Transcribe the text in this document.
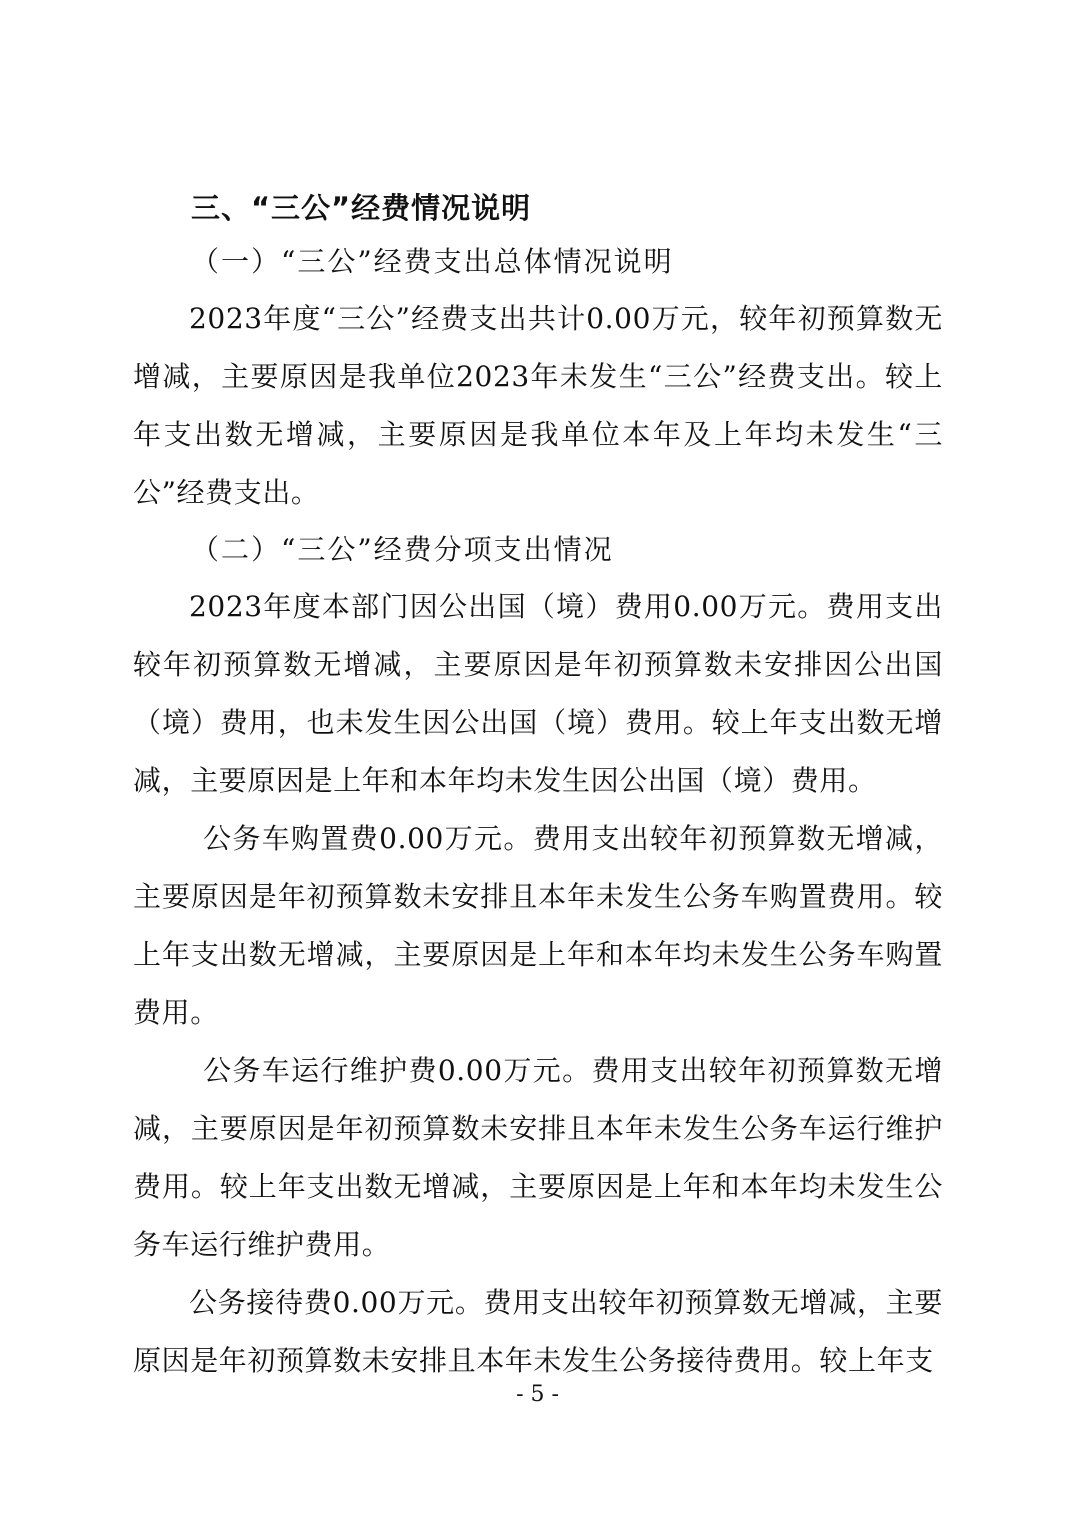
三、“三公”经费情况说明
（一）“三公”经费支出总体情况说明
2023年度“三公”经费支出共计0.00万元，较年初预算数无增减，主要原因是我单位2023年未发生“三公”经费支出。较上年支出数无增减，主要原因是我单位本年及上年均未发生“三公”经费支出。
（二）“三公”经费分项支出情况
2023年度本部门因公出国（境）费用0.00万元。费用支出较年初预算数无增减，主要原因是年初预算数未安排因公出国（境）费用，也未发生因公出国（境）费用。较上年支出数无增减，主要原因是上年和本年均未发生因公出国（境）费用。
公务车购置费0.00万元。费用支出较年初预算数无增减，主要原因是年初预算数未安排且本年未发生公务车购置费用。较上年支出数无增减，主要原因是上年和本年均未发生公务车购置费用。
公务车运行维护费0.00万元。费用支出较年初预算数无增减，主要原因是年初预算数未安排且本年未发生公务车运行维护费用。较上年支出数无增减，主要原因是上年和本年均未发生公务车运行维护费用。
公务接待费0.00万元。费用支出较年初预算数无增减，主要原因是年初预算数未安排且本年未发生公务接待费用。较上年支
- 5 -
